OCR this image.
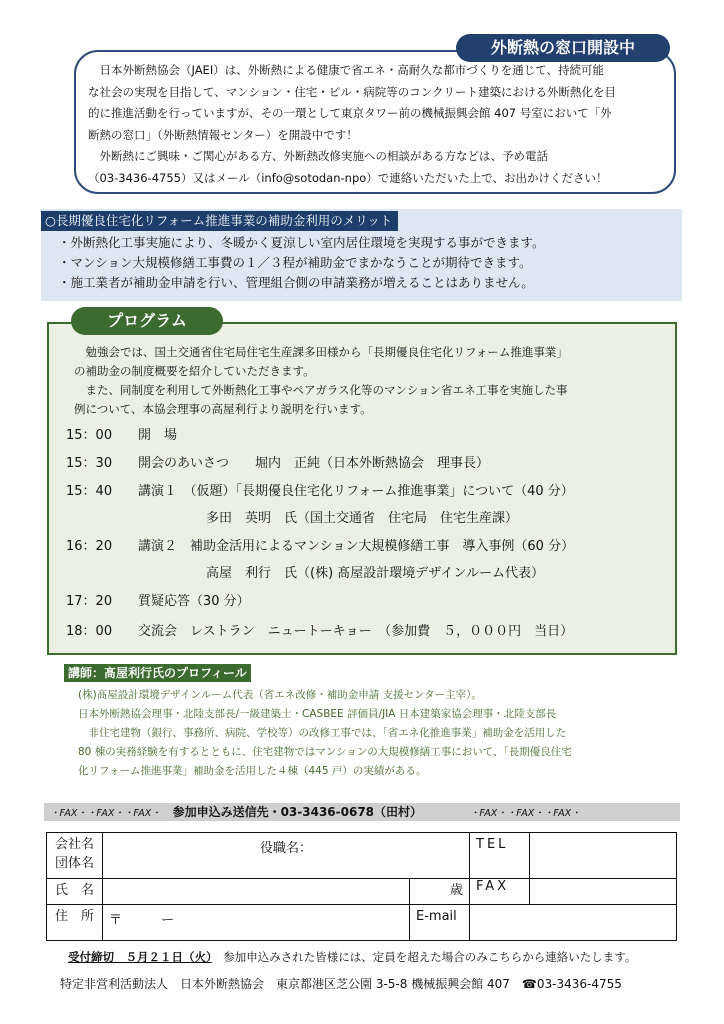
外断熱の窓口開設中

　日本外断熱協会（JAEI）は、外断熱による健康で省エネ・高耐久な都市づくりを通じて、持続可能

な社会の実現を目指して、マンション・住宅・ビル・病院等のコンクリート建築における外断熱化を目

的に推進活動を行っていますが、その一環として東京タワー前の機械振興会館 407 号室において「外

断熱の窓口」（外断熱情報センター）を開設中です！

　外断熱にご興味・ご関心がある方、外断熱改修実施への相談がある方などは、予め電話

（03-3436-4755）又はメール（info@sotodan-npo）で連絡いただいた上で、お出かけください！

○長期優良住宅化リフォーム推進事業の補助金利用のメリット

・外断熱化工事実施により、冬暖かく夏涼しい室内居住環境を実現する事ができます。

・マンション大規模修繕工事費の１／３程が補助金でまかなうことが期待できます。

・施工業者が補助金申請を行い、管理組合側の申請業務が増えることはありません。

プログラム

　勉強会では、国土交通省住宅局住宅生産課多田様から「長期優良住宅化リフォーム推進事業」

の補助金の制度概要を紹介していただきます。

　また、同制度を利用して外断熱化工事やペアガラス化等のマンション省エネ工事を実施した事

例について、本協会理事の高屋利行より説明を行います。

15：00 開　場
15：30 開会のあいさつ　　堀内　正純（日本外断熱協会　理事長）
15：40 講演１　（仮題）「長期優良住宅化リフォーム推進事業」について（40 分）
多田　英明　氏（国土交通省　住宅局　住宅生産課）
16：20 講演２　補助金活用によるマンション大規模修繕工事　導入事例（60 分）
高屋　利行　氏（(株) 髙屋設計環境デザインルーム代表）
17：20 質疑応答（30 分）
18：00 交流会　レストラン　ニュートーキョー　（参加費　５，０００円　当日）
講師：髙屋利行氏のプロフィール

(株)髙屋設計環境デザインルーム代表（省エネ改修・補助金申請 支援センター主宰）。

日本外断熱協会理事・北陸支部長/一級建築士・CASBEE 評価員/JIA 日本建築家協会理事・北陸支部長

　非住宅建物（銀行、事務所、病院、学校等）の改修工事では、「省エネ化推進事業」補助金を活用した

80 棟の実務経験を有するとともに、住宅建物ではマンションの大規模修繕工事において、「長期優良住宅

化リフォーム推進事業」補助金を活用した４棟（445 戸）の実績がある。

・FAX・・FAX・・FAX・ 参加申込み送信先・03-3436-0678（田村）	・FAX・・FAX・・FAX・
会社名
団体名	役職名：		TEL	
氏　名		歳	FAX	
住　所	〒　　　ー	E-mail		
受付締切　５月２１日（火）　参加申込みされた皆様には、定員を超えた場合のみこちらから連絡いたします。
特定非営利活動法人　日本外断熱協会　東京都港区芝公園 3-5-8 機械振興会館 407　☎03-3436-4755
